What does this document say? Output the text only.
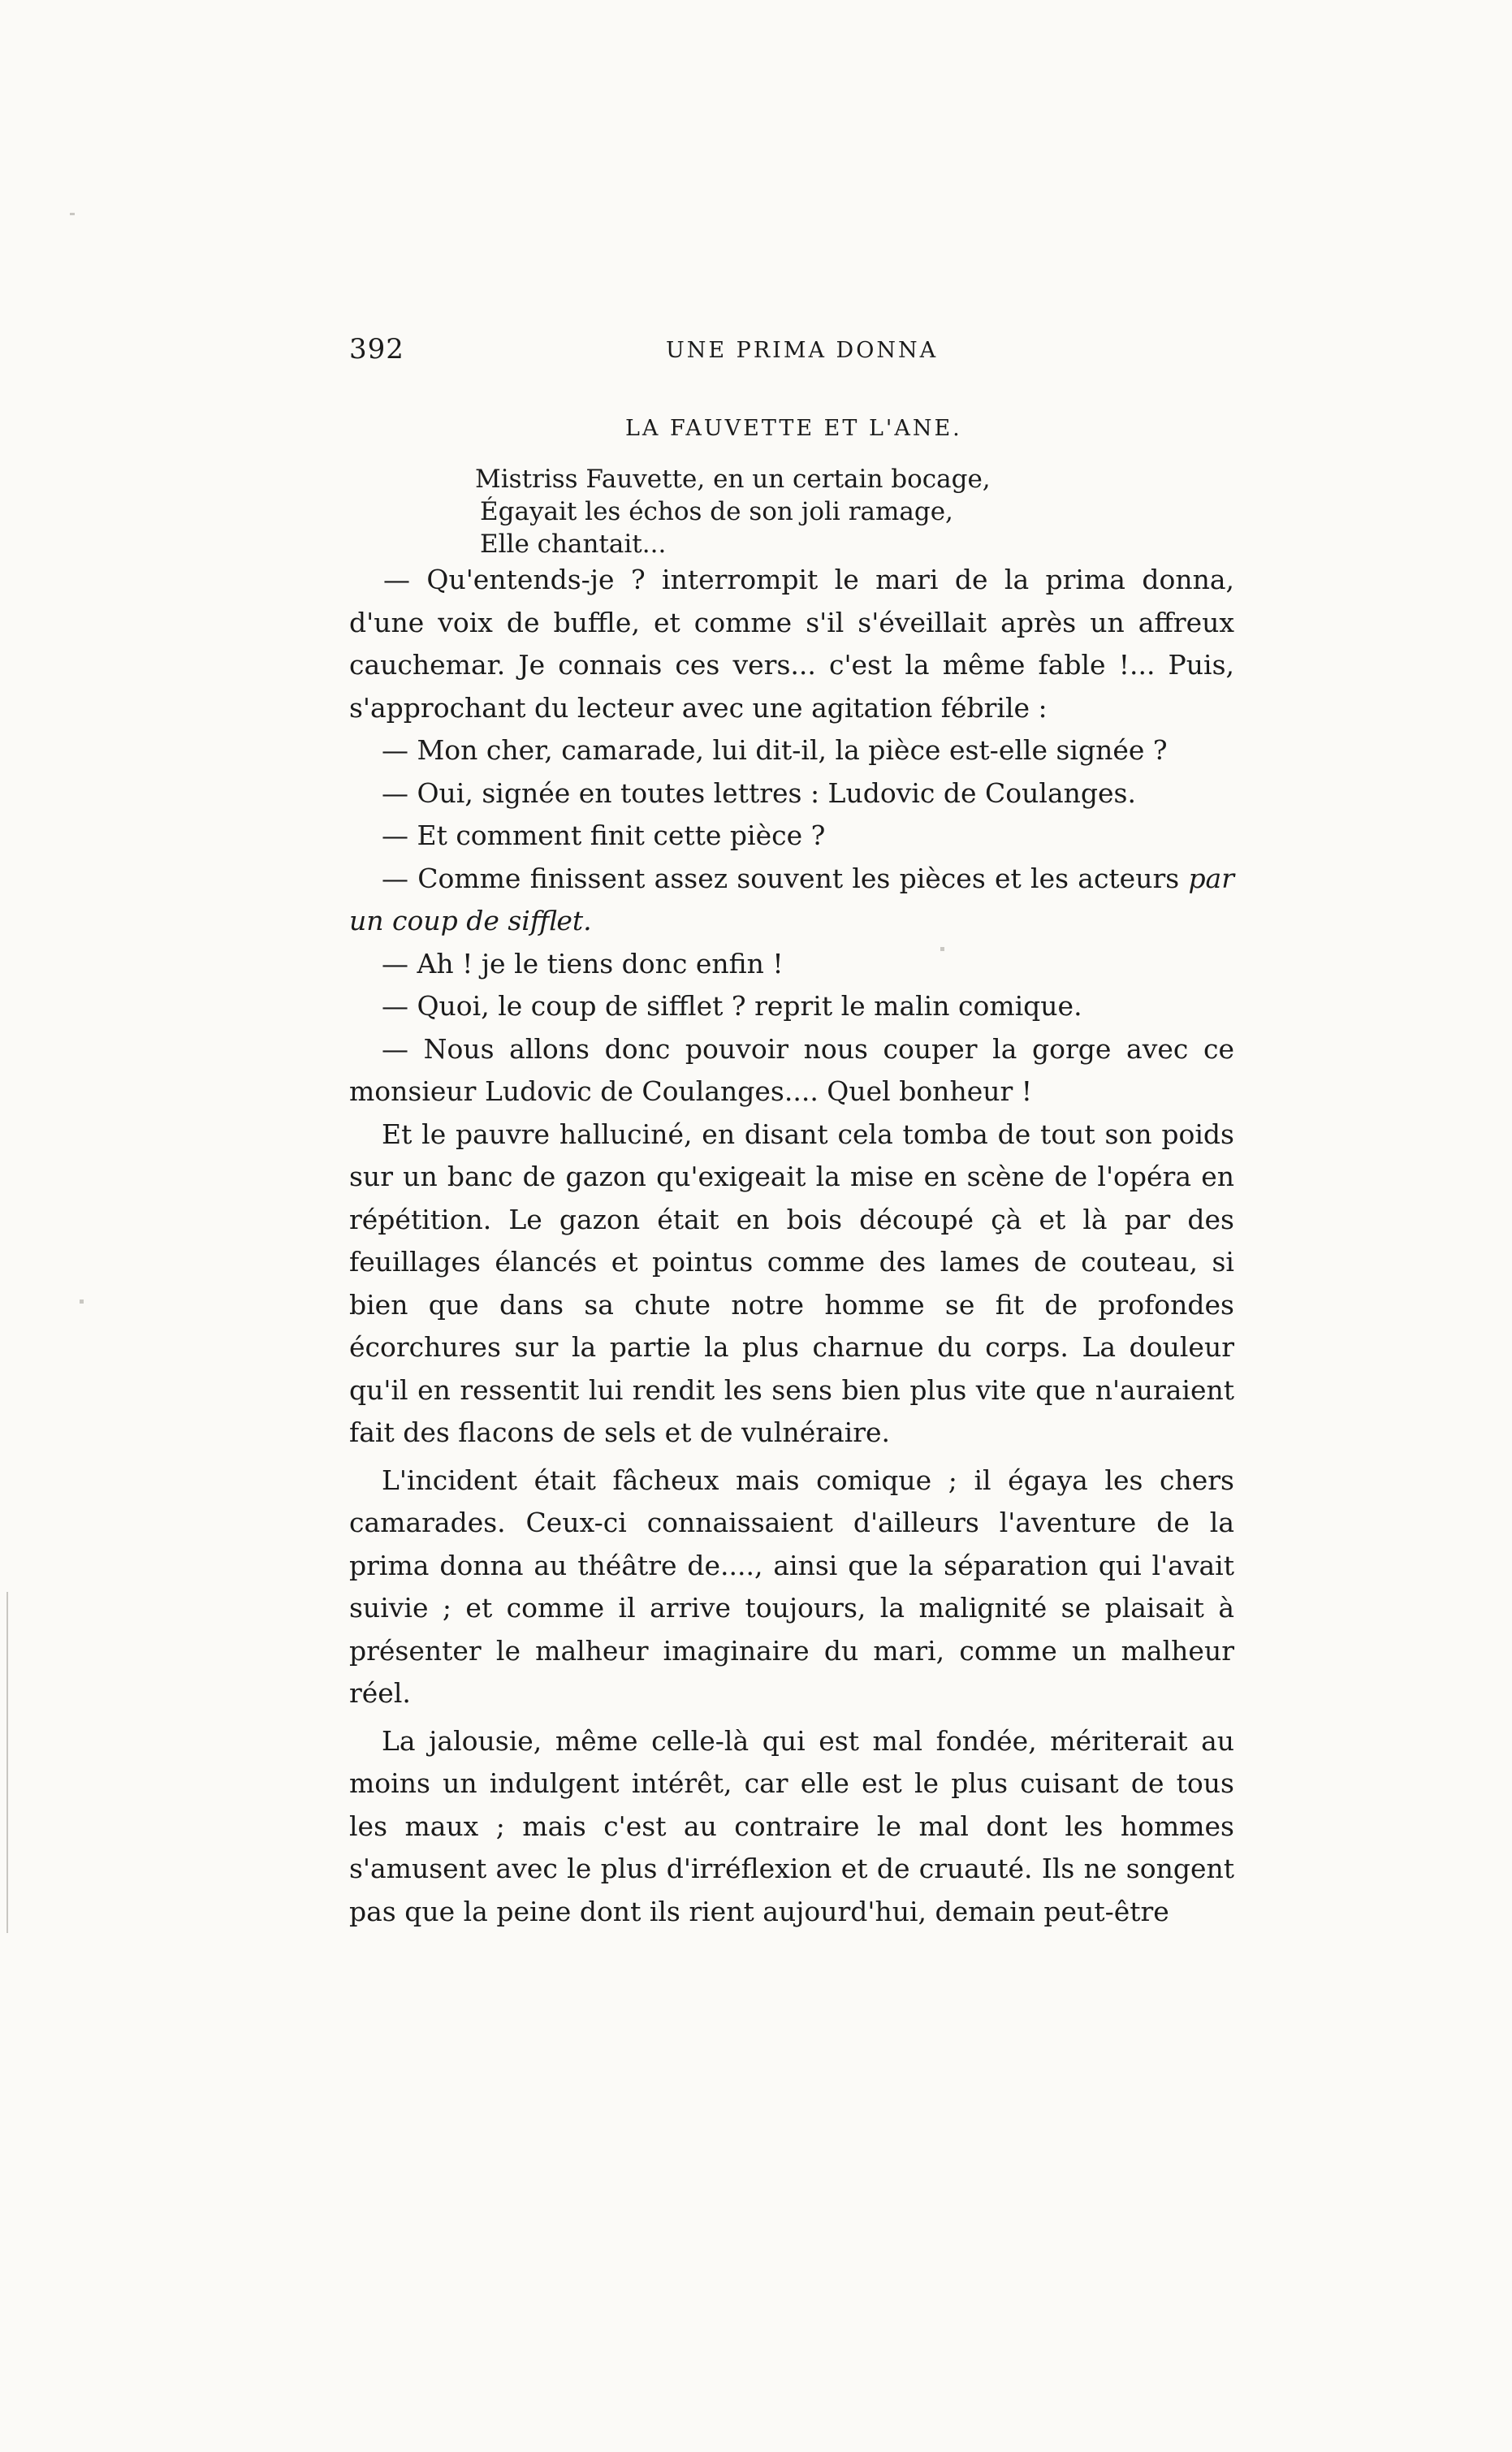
392	UNE PRIMA DONNA
LA FAUVETTE ET L'ANE.
Mistriss Fauvette, en un certain bocage,
Égayait les échos de son joli ramage,
Elle chantait...

— Qu'entends-je ? interrompit le mari de la prima donna, d'une voix de buffle, et comme s'il s'éveillait après un affreux cauchemar. Je connais ces vers... c'est la même fable !... Puis, s'approchant du lecteur avec une agitation fébrile :

— Mon cher, camarade, lui dit-il, la pièce est-elle signée ?

— Oui, signée en toutes lettres : Ludovic de Coulanges.

— Et comment finit cette pièce ?

— Comme finissent assez souvent les pièces et les acteurs par un coup de sifflet.

— Ah ! je le tiens donc enfin !

— Quoi, le coup de sifflet ? reprit le malin comique.

— Nous allons donc pouvoir nous couper la gorge avec ce monsieur Ludovic de Coulanges.... Quel bonheur !

Et le pauvre halluciné, en disant cela tomba de tout son poids sur un banc de gazon qu'exigeait la mise en scène de l'opéra en répétition. Le gazon était en bois découpé çà et là par des feuillages élancés et pointus comme des lames de couteau, si bien que dans sa chute notre homme se fit de profondes écorchures sur la partie la plus charnue du corps. La douleur qu'il en ressentit lui rendit les sens bien plus vite que n'auraient fait des flacons de sels et de vulnéraire.

L'incident était fâcheux mais comique ; il égaya les chers camarades. Ceux-ci connaissaient d'ailleurs l'aventure de la prima donna au théâtre de...., ainsi que la séparation qui l'avait suivie ; et comme il arrive toujours, la malignité se plaisait à présenter le malheur imaginaire du mari, comme un malheur réel.

La jalousie, même celle-là qui est mal fondée, mériterait au moins un indulgent intérêt, car elle est le plus cuisant de tous les maux ; mais c'est au contraire le mal dont les hommes s'amusent avec le plus d'irréflexion et de cruauté. Ils ne songent pas que la peine dont ils rient aujourd'hui, demain peut-être
